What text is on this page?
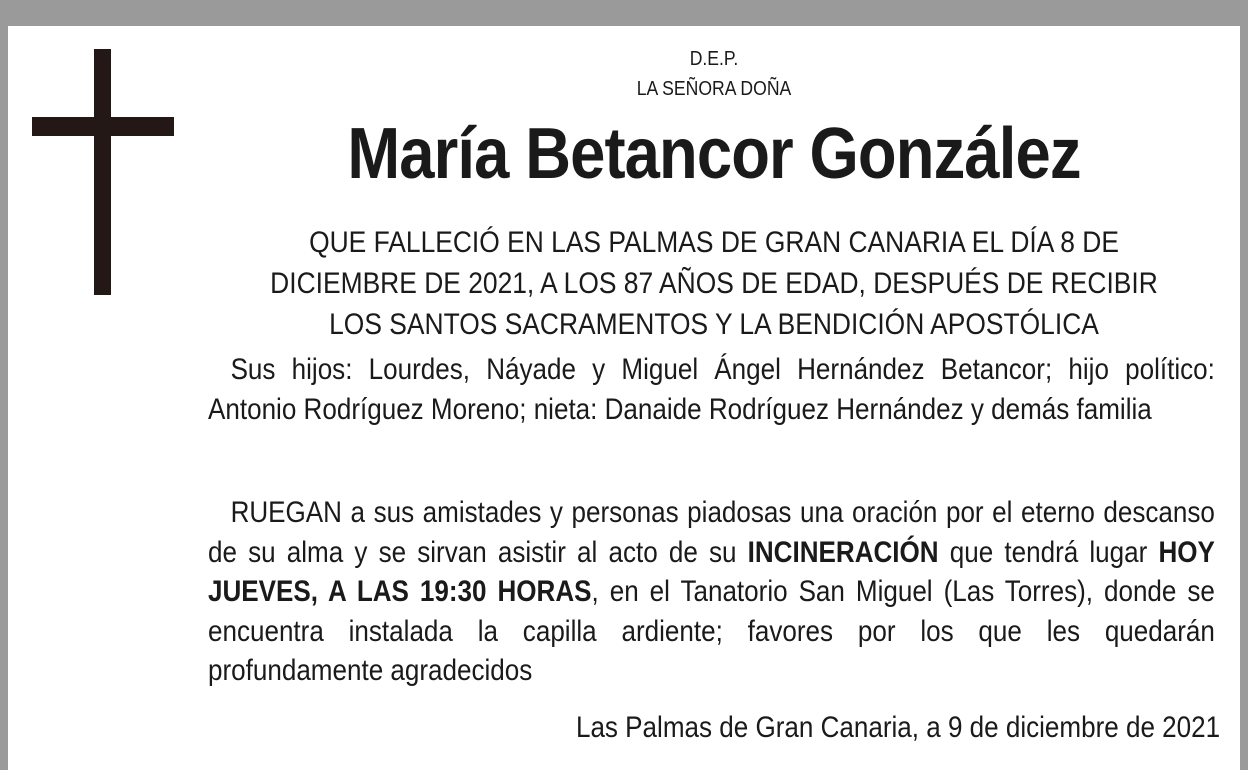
D.E.P.
LA SEÑORA DOÑA
María Betancor González
QUE FALLECIÓ EN LAS PALMAS DE GRAN CANARIA EL DÍA 8 DE
DICIEMBRE DE 2021, A LOS 87 AÑOS DE EDAD, DESPUÉS DE RECIBIR
LOS SANTOS SACRAMENTOS Y LA BENDICIÓN APOSTÓLICA
Sus hijos: Lourdes, Náyade y Miguel Ángel Hernández Betancor; hijo político: Antonio Rodríguez Moreno; nieta: Danaide Rodríguez Hernández y demás familia
RUEGAN a sus amistades y personas piadosas una oración por el eterno descanso de su alma y se sirvan asistir al acto de su INCINERACIÓN que tendrá lugar HOY JUEVES, A LAS 19:30 HORAS, en el Tanatorio San Miguel (Las Torres), donde se encuentra instalada la capilla ardiente; favores por los que les quedarán profundamente agradecidos
Las Palmas de Gran Canaria, a 9 de diciembre de 2021
